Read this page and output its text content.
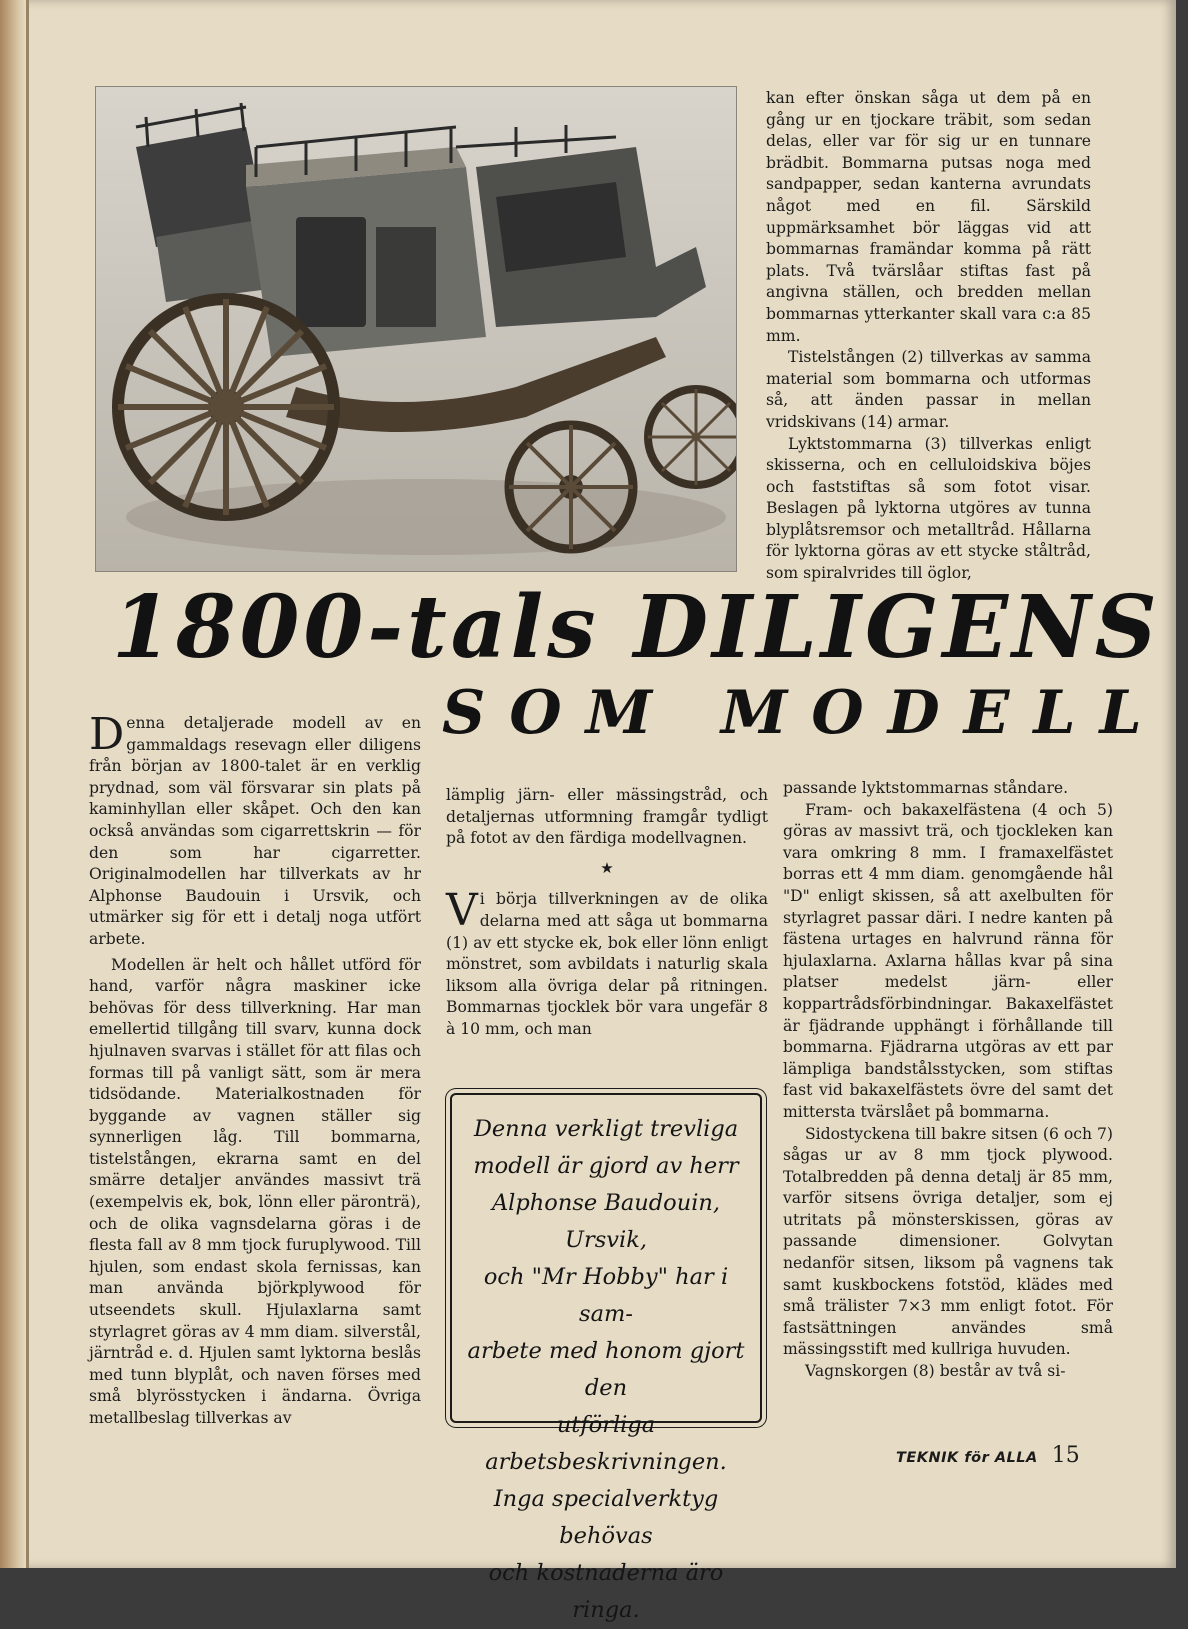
kan efter önskan såga ut dem på en gång ur en tjockare träbit, som sedan delas, eller var för sig ur en tunnare brädbit. Bommarna putsas noga med sandpapper, sedan kanterna avrundats något med en fil. Särskild uppmärksamhet bör läggas vid att bommarnas framändar komma på rätt plats. Två tvärslåar stiftas fast på angivna ställen, och bredden mellan bommarnas ytterkanter skall vara c:a 85 mm.

Tistelstången (2) tillverkas av samma material som bommarna och utformas så, att änden passar in mellan vridskivans (14) armar.

Lyktstommarna (3) tillverkas enligt skisserna, och en celluloidskiva böjes och faststiftas så som fotot visar. Beslagen på lyktorna utgöres av tunna blyplåtsremsor och metalltråd. Hållarna för lyktorna göras av ett stycke ståltråd, som spiralvrides till öglor,

1800-tals DILIGENS
SOM MODELL

Denna detaljerade modell av en gammaldags resevagn eller diligens från början av 1800-talet är en verklig prydnad, som väl försvarar sin plats på kaminhyllan eller skåpet. Och den kan också användas som cigarrettskrin — för den som har cigarretter. Originalmodellen har tillverkats av hr Alphonse Baudouin i Ursvik, och utmärker sig för ett i detalj noga utfört arbete.

Modellen är helt och hållet utförd för hand, varför några maskiner icke behövas för dess tillverkning. Har man emellertid tillgång till svarv, kunna dock hjulnaven svarvas i stället för att filas och formas till på vanligt sätt, som är mera tidsödande. Materialkostnaden för byggande av vagnen ställer sig synnerligen låg. Till bommarna, tistelstången, ekrarna samt en del smärre detaljer användes massivt trä (exempelvis ek, bok, lönn eller päronträ), och de olika vagnsdelarna göras i de flesta fall av 8 mm tjock furuplywood. Till hjulen, som endast skola fernissas, kan man använda björkplywood för utseendets skull. Hjulaxlarna samt styrlagret göras av 4 mm diam. silverstål, järntråd e. d. Hjulen samt lyktorna beslås med tunn blyplåt, och naven förses med små blyrösstycken i ändarna. Övriga metallbeslag tillverkas av

lämplig järn- eller mässingstråd, och detaljernas utformning framgår tydligt på fotot av den färdiga modellvagnen.

★

Vi börja tillverkningen av de olika delarna med att såga ut bommarna (1) av ett stycke ek, bok eller lönn enligt mönstret, som avbildats i naturlig skala liksom alla övriga delar på ritningen. Bommarnas tjocklek bör vara ungefär 8 à 10 mm, och man

Denna verkligt trevliga
modell är gjord av herr
Alphonse Baudouin, Ursvik,
och "Mr Hobby" har i sam-
arbete med honom gjort den
utförliga arbetsbeskrivningen.
Inga specialverktyg behövas
och kostnaderna äro ringa.

passande lyktstommarnas ståndare.

Fram- och bakaxelfästena (4 och 5) göras av massivt trä, och tjockleken kan vara omkring 8 mm. I framaxelfästet borras ett 4 mm diam. genomgående hål "D" enligt skissen, så att axelbulten för styrlagret passar däri. I nedre kanten på fästena urtages en halvrund ränna för hjulaxlarna. Axlarna hållas kvar på sina platser medelst järn- eller koppartrådsförbindningar. Bakaxelfästet är fjädrande upphängt i förhållande till bommarna. Fjädrarna utgöras av ett par lämpliga bandstålsstycken, som stiftas fast vid bakaxelfästets övre del samt det mittersta tvärslået på bommarna.

Sidostyckena till bakre sitsen (6 och 7) sågas ur av 8 mm tjock plywood. Totalbredden på denna detalj är 85 mm, varför sitsens övriga detaljer, som ej utritats på mönsterskissen, göras av passande dimensioner. Golvytan nedanför sitsen, liksom på vagnens tak samt kuskbockens fotstöd, klädes med små trälister 7×3 mm enligt fotot. För fastsättningen användes små mässingsstift med kullriga huvuden.

Vagnskorgen (8) består av två si-

TEKNIK för ALLA 15
